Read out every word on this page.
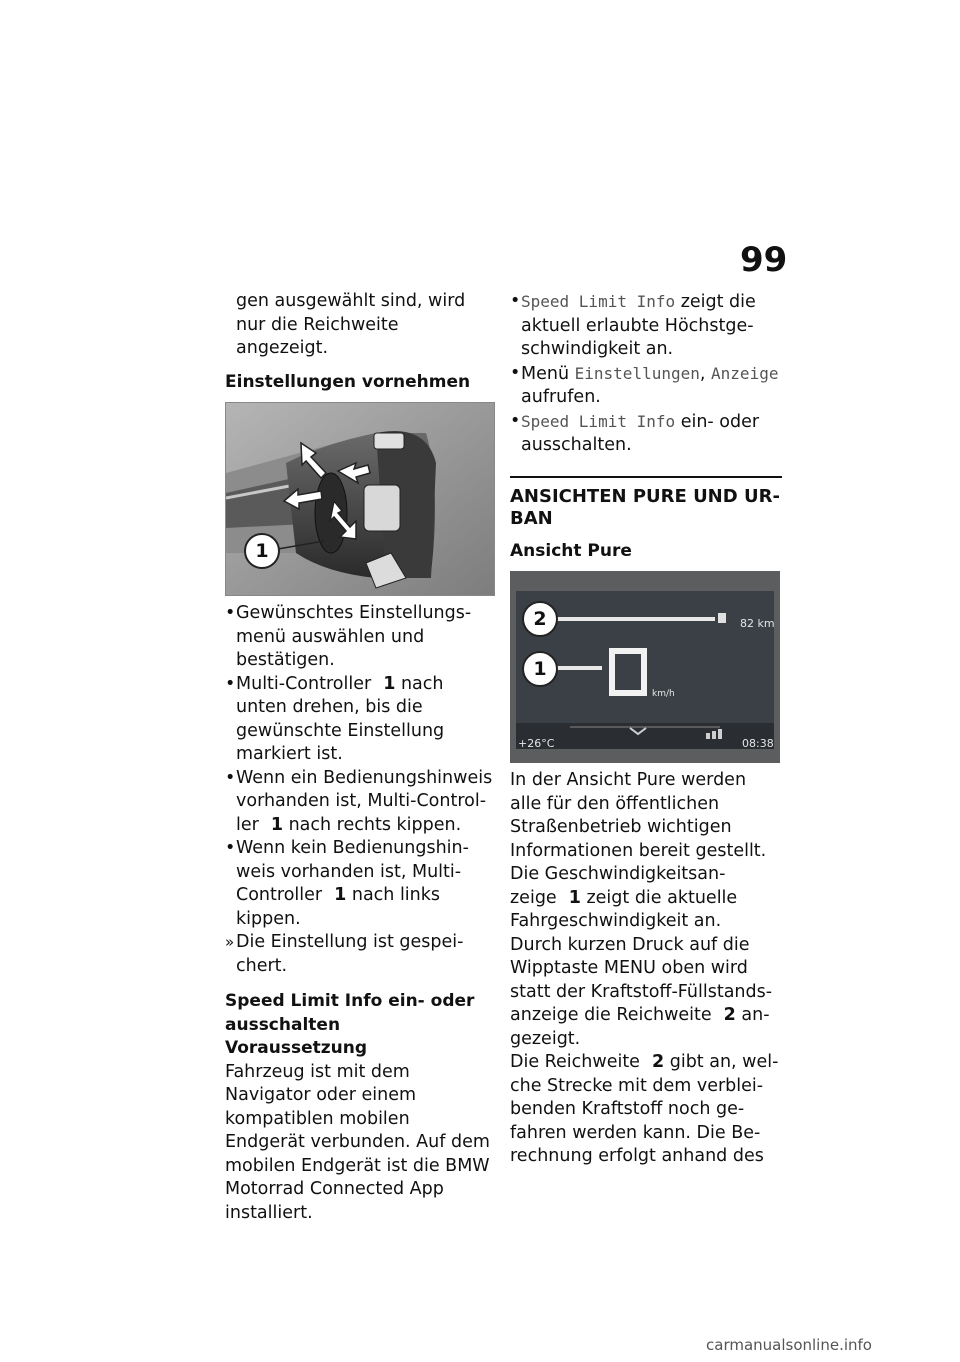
99

gen ausgewählt sind, wird nur die Reichweite angezeigt.

Einstellungen vornehmen

1
• Gewünschtes Einstellungsmenü auswählen und bestätigen.
• Multi-Controller 1 nach unten drehen, bis die gewünschte Einstellung markiert ist.
• Wenn ein Bedienungshinweis vorhanden ist, Multi-Controller 1 nach rechts kippen.
• Wenn kein Bedienungshinweis vorhanden ist, Multi-Controller 1 nach links kippen.
» Die Einstellung ist gespeichert.

Speed Limit Info ein- oder ausschalten

Voraussetzung

Fahrzeug ist mit dem Navigator oder einem kompatiblen mobilen Endgerät verbunden. Auf dem mobilen Endgerät ist die BMW Motorrad Connected App installiert.

• Speed Limit Info zeigt die aktuell erlaubte Höchstgeschwindigkeit an.
• Menü Einstellungen, Anzeige aufrufen.
• Speed Limit Info ein- oder ausschalten.

ANSICHTEN PURE UND URBAN

Ansicht Pure

2
1
82 km
km/h
+26°C	08:38

In der Ansicht Pure werden alle für den öffentlichen Straßenbetrieb wichtigen Informationen bereit gestellt.

Die Geschwindigkeitsanzeige 1 zeigt die aktuelle Fahrgeschwindigkeit an.

Durch kurzen Druck auf die Wipptaste MENU oben wird statt der Kraftstoff-Füllstandsanzeige die Reichweite 2 angezeigt.

Die Reichweite 2 gibt an, welche Strecke mit dem verbleibenden Kraftstoff noch gefahren werden kann. Die Berechnung erfolgt anhand des

carmanualsonline.info
